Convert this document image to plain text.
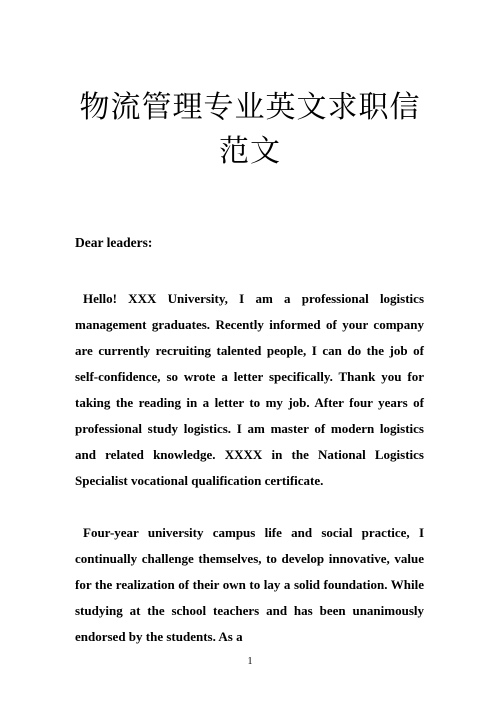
物流管理专业英文求职信
范文
Dear leaders:

Hello! XXX University, I am a professional logistics management graduates. Recently informed of your company are currently recruiting talented people, I can do the job of self-confidence, so wrote a letter specifically. Thank you for taking the reading in a letter to my job. After four years of professional study logistics. I am master of modern logistics and related knowledge. XXXX in the National Logistics Specialist vocational qualification certificate.

Four-year university campus life and social practice, I continually challenge themselves, to develop innovative, value for the realization of their own to lay a solid foundation. While studying at the school teachers and has been unanimously endorsed by the students. As a

1
